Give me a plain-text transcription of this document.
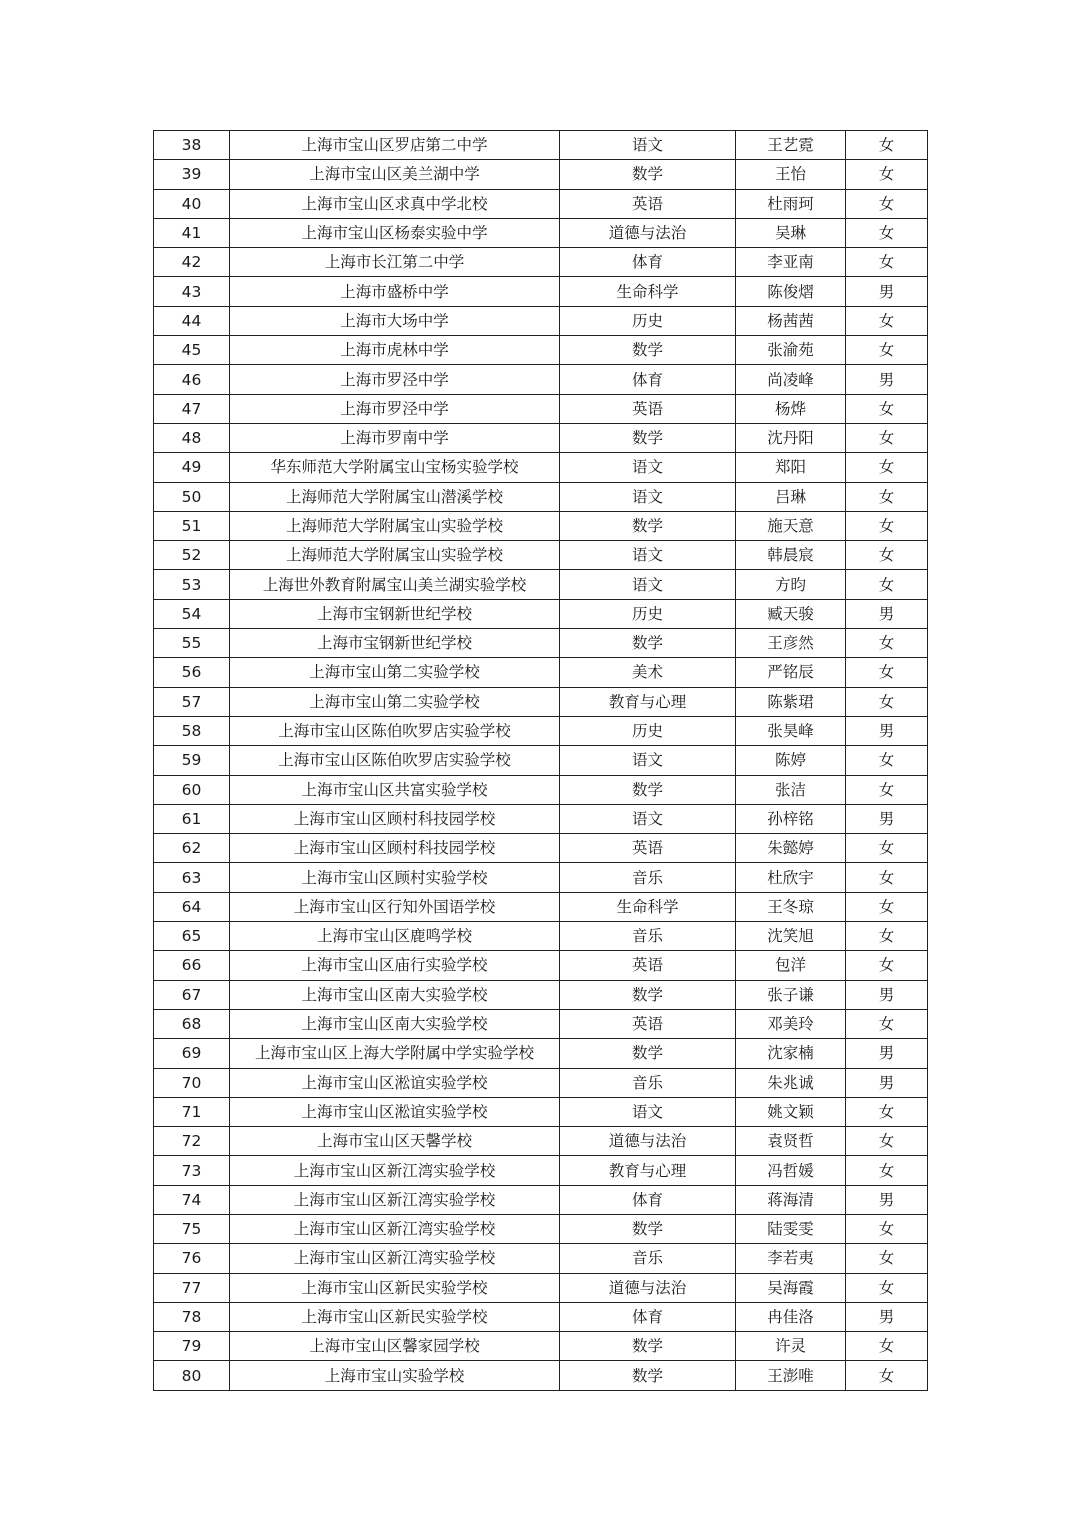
38	上海市宝山区罗店第二中学	语文	王艺霓	女
39	上海市宝山区美兰湖中学	数学	王怡	女
40	上海市宝山区求真中学北校	英语	杜雨珂	女
41	上海市宝山区杨泰实验中学	道德与法治	吴琳	女
42	上海市长江第二中学	体育	李亚南	女
43	上海市盛桥中学	生命科学	陈俊熠	男
44	上海市大场中学	历史	杨茜茜	女
45	上海市虎林中学	数学	张渝苑	女
46	上海市罗泾中学	体育	尚凌峰	男
47	上海市罗泾中学	英语	杨烨	女
48	上海市罗南中学	数学	沈丹阳	女
49	华东师范大学附属宝山宝杨实验学校	语文	郑阳	女
50	上海师范大学附属宝山潜溪学校	语文	吕琳	女
51	上海师范大学附属宝山实验学校	数学	施天意	女
52	上海师范大学附属宝山实验学校	语文	韩晨宸	女
53	上海世外教育附属宝山美兰湖实验学校	语文	方昀	女
54	上海市宝钢新世纪学校	历史	臧天骏	男
55	上海市宝钢新世纪学校	数学	王彦然	女
56	上海市宝山第二实验学校	美术	严铭辰	女
57	上海市宝山第二实验学校	教育与心理	陈紫珺	女
58	上海市宝山区陈伯吹罗店实验学校	历史	张昊峰	男
59	上海市宝山区陈伯吹罗店实验学校	语文	陈婷	女
60	上海市宝山区共富实验学校	数学	张洁	女
61	上海市宝山区顾村科技园学校	语文	孙梓铭	男
62	上海市宝山区顾村科技园学校	英语	朱懿婷	女
63	上海市宝山区顾村实验学校	音乐	杜欣宇	女
64	上海市宝山区行知外国语学校	生命科学	王冬琼	女
65	上海市宝山区鹿鸣学校	音乐	沈笑旭	女
66	上海市宝山区庙行实验学校	英语	包洋	女
67	上海市宝山区南大实验学校	数学	张子谦	男
68	上海市宝山区南大实验学校	英语	邓美玲	女
69	上海市宝山区上海大学附属中学实验学校	数学	沈家楠	男
70	上海市宝山区淞谊实验学校	音乐	朱兆诚	男
71	上海市宝山区淞谊实验学校	语文	姚文颖	女
72	上海市宝山区天馨学校	道德与法治	袁贤哲	女
73	上海市宝山区新江湾实验学校	教育与心理	冯哲媛	女
74	上海市宝山区新江湾实验学校	体育	蒋海清	男
75	上海市宝山区新江湾实验学校	数学	陆雯雯	女
76	上海市宝山区新江湾实验学校	音乐	李若夷	女
77	上海市宝山区新民实验学校	道德与法治	吴海霞	女
78	上海市宝山区新民实验学校	体育	冉佳洛	男
79	上海市宝山区馨家园学校	数学	许灵	女
80	上海市宝山实验学校	数学	王澎唯	女
